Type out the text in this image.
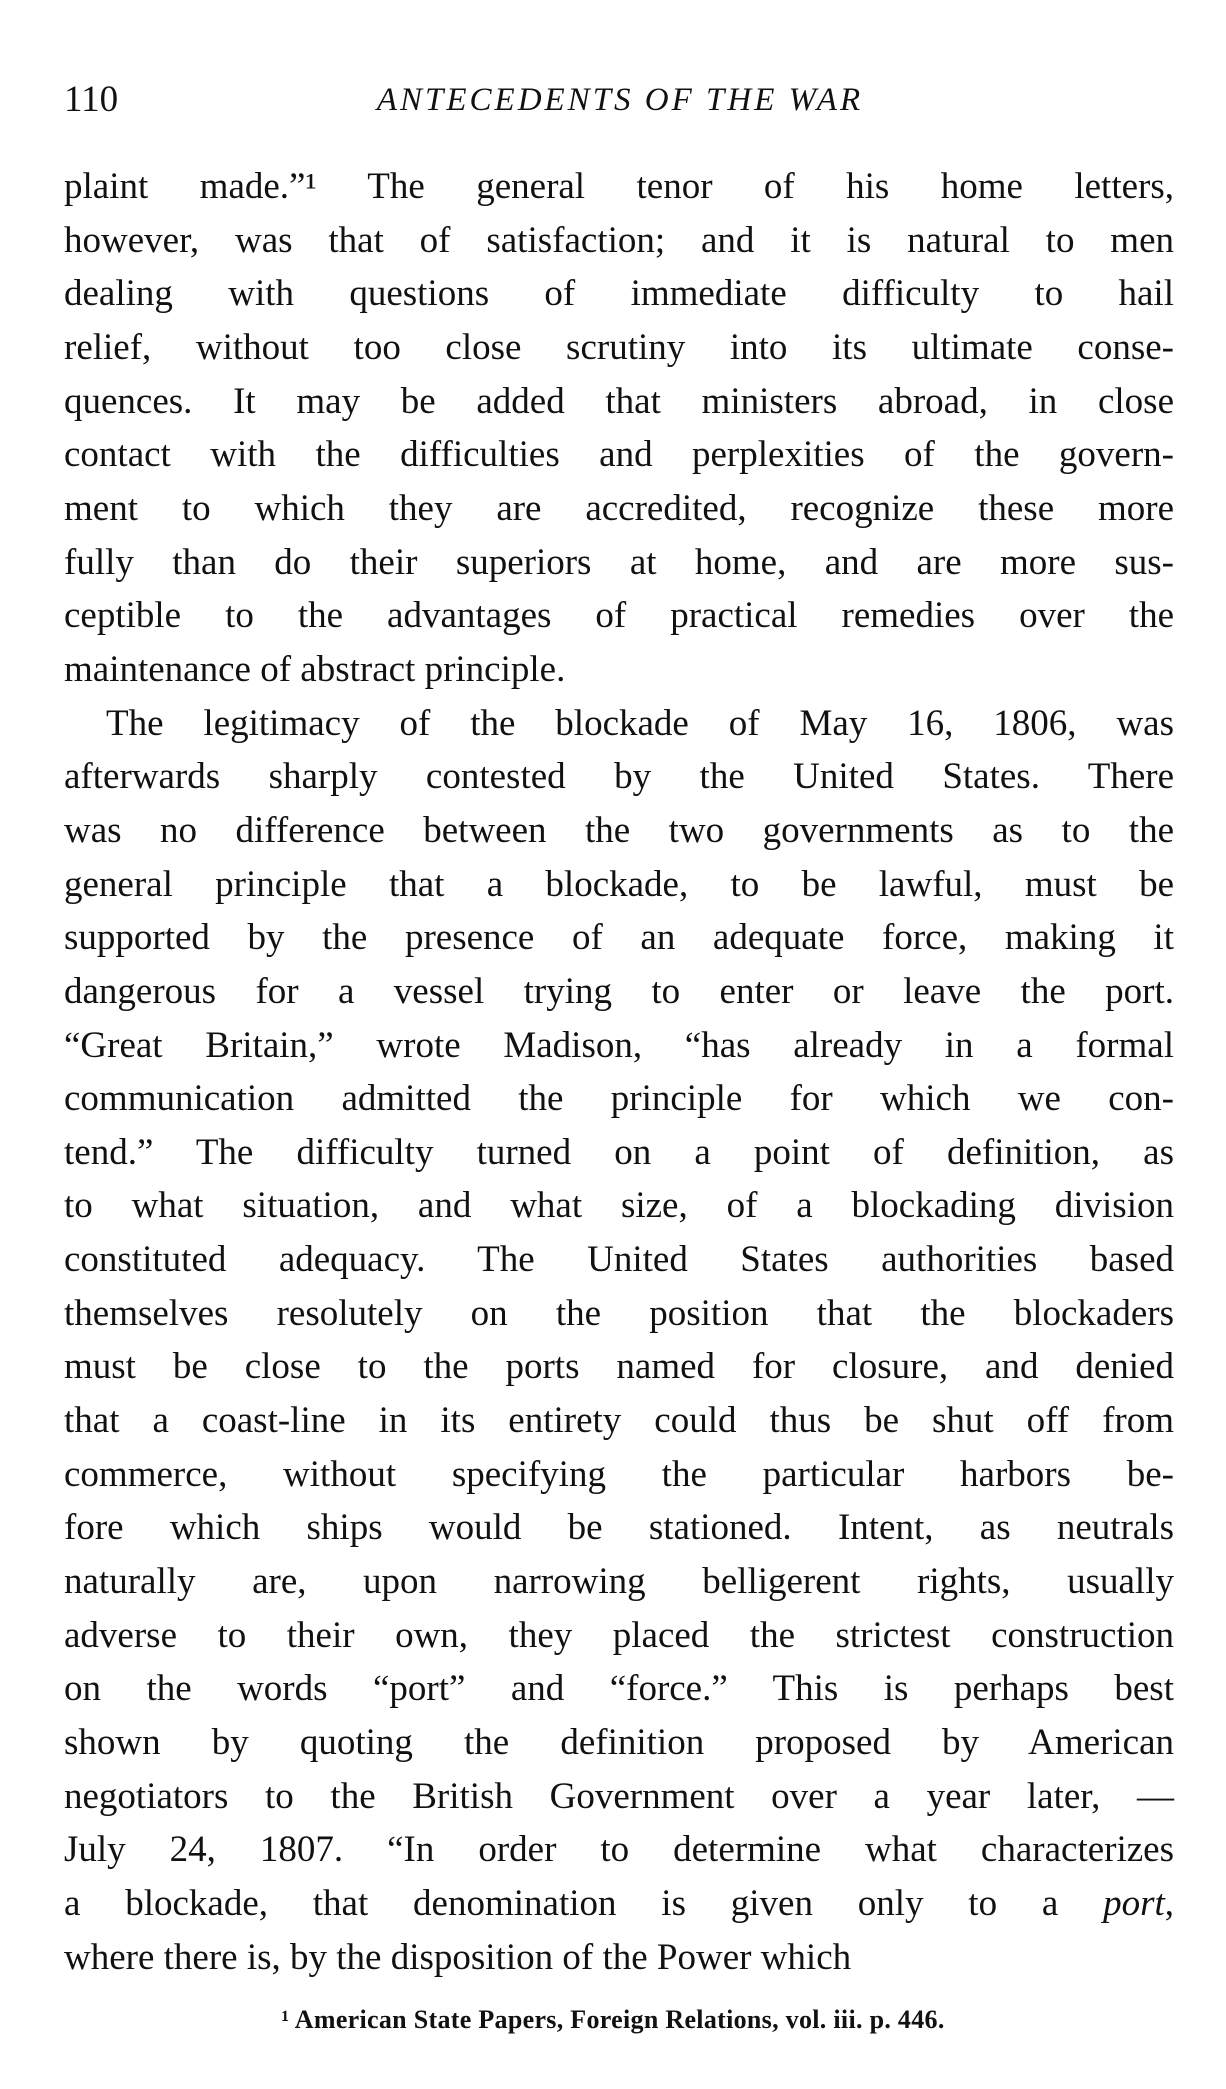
110	ANTECEDENTS OF THE WAR
plaint made.”¹ The general tenor of his home letters,
however, was that of satisfaction; and it is natural to men
dealing with questions of immediate difficulty to hail
relief, without too close scrutiny into its ultimate conse-
quences. It may be added that ministers abroad, in close
contact with the difficulties and perplexities of the govern-
ment to which they are accredited, recognize these more
fully than do their superiors at home, and are more sus-
ceptible to the advantages of practical remedies over the
maintenance of abstract principle.
The legitimacy of the blockade of May 16, 1806, was
afterwards sharply contested by the United States. There
was no difference between the two governments as to the
general principle that a blockade, to be lawful, must be
supported by the presence of an adequate force, making it
dangerous for a vessel trying to enter or leave the port.
“Great Britain,” wrote Madison, “has already in a formal
communication admitted the principle for which we con-
tend.” The difficulty turned on a point of definition, as
to what situation, and what size, of a blockading division
constituted adequacy. The United States authorities based
themselves resolutely on the position that the blockaders
must be close to the ports named for closure, and denied
that a coast-line in its entirety could thus be shut off from
commerce, without specifying the particular harbors be-
fore which ships would be stationed. Intent, as neutrals
naturally are, upon narrowing belligerent rights, usually
adverse to their own, they placed the strictest construction
on the words “port” and “force.” This is perhaps best
shown by quoting the definition proposed by American
negotiators to the British Government over a year later, —
July 24, 1807. “In order to determine what characterizes
a blockade, that denomination is given only to a port,
where there is, by the disposition of the Power which
¹ American State Papers, Foreign Relations, vol. iii. p. 446.
